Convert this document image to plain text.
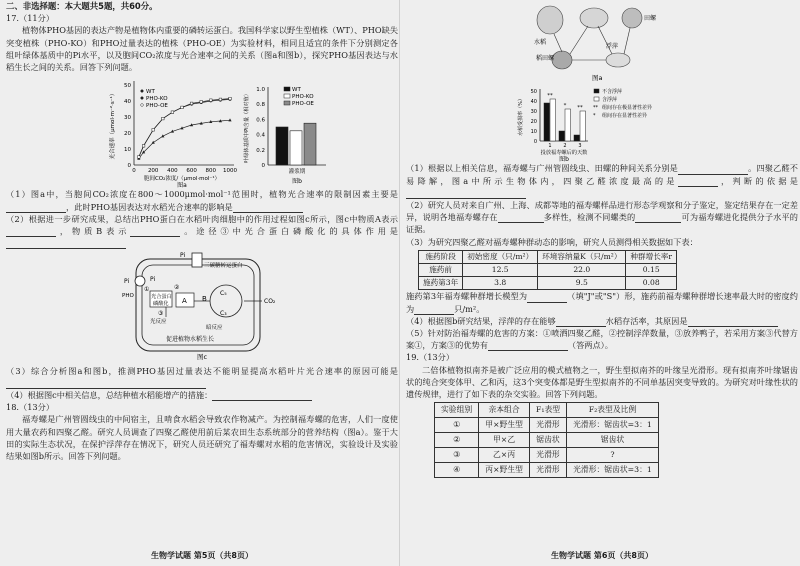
二、非选择题：本大题共5题，共60分。

17.（11分）

植物体PHO基因的表达产物是植物体内重要的磷转运蛋白。我国科学家以野生型植株（WT）、PHO缺失突变植株（PHO-KO）和PHO过量表达的植株（PHO-OE）为实验材料，相同且适宜的条件下分别测定各组叶绿体基质中的Pi水平，以及胞间CO₂浓度与光合速率之间的关系（图a和图b），探究PHO基因表达与水稻生长之间的关系。回答下列问题。

50
40
30
20
10
0
0 200 400 600 800 1000
胞间CO₂浓度/（μmol·mol⁻¹）
光合速率（μmol·m⁻²·s⁻¹）	WT
PHO-KO
PHO-OE
图a
1.0
0.8
0.6
0.4
0.2
0
灌浆期
叶绿体基质中Pi含量（相对值）
WT
PHO-KO
PHO-OE
图b

（1）图a中，当胞间CO₂浓度在800～1000μmol·mol⁻¹范围时，植物光合速率的限制因素主要是，此时PHO基因表达对水稻光合速率的影响是

（2）根据进一步研究成果，总结出PHO蛋白在水稻叶肉细胞中的作用过程如图c所示，图c中物质A表示，物质B表示	。途径③中光合蛋白磷酸化的具体作用是

Pi
三碳糖转运蛋白
Pi
PHO
Pi
光合蛋白
磷酸化 A
C₅
C₃
B	CO₂
光反应
暗反应
促进植物水稻生长
①	②
③
图c

（3）综合分析图a和图b，推测PHO基因过量表达不能明显提高水稻叶片光合速率的原因可能是

（4）根据图c中相关信息，总结种植水稻能增产的措施：

18.（13分）

福寿螺是广州管圆线虫的中间宿主，且啃食水稻会导致农作物减产。为控制福寿螺的危害，人们一度使用大量农药和四聚乙醛。研究人员调查了四聚乙醛使用前后某农田生态系统部分的营养结构（图a）。鉴于大田的实际生态状况，在保护浮萍存在情况下，研究人员还研究了福寿螺对水稻的危害情况，实验设计及实验结果如图b所示。回答下列问题。

生物学试题 第5页（共8页）
水稻
田螺
稻田螺
浮萍
图a

50
40
30
20
10
0
1
**
2
*
3
**
投放福寿螺后的天数
水稻受损率（%）
不含浮萍
含浮萍
** 组间存在极显著性差异
* 组间存在显著性差异
图b

（1）根据以上相关信息，福寿螺与广州管圆线虫、田螺的种间关系分别是	。四聚乙醛不易降解，图a中所示生物体内，四聚乙醛浓度最高的是	，判断的依据是

（2）研究人员对来自广州、上海、成都等地的福寿螺样品进行形态学观察和分子鉴定，鉴定结果存在一定差异，说明各地福寿螺存在	多样性，检测不同螺类的	可为福寿螺进化提供分子水平的证据。

（3）为研究四聚乙醛对福寿螺种群动态的影响，研究人员测得相关数据如下表：

施药阶段	初始密度（只/m²）	环境容纳量K（只/m²）	种群增长率r
施药前	12.5	22.0	0.15
施药第3年	3.8	9.5	0.08

施药第3年福寿螺种群增长模型为	（填"J"或"S"）形，施药前福寿螺种群增长速率最大时的密度约为	只/m²。

（4）根据图b研究结果，浮萍的存在能够	水稻存活率，其原因是

（5）针对防治福寿螺的危害的方案：①喷洒四聚乙醛，②控制浮萍数量，③放养鸭子，若采用方案③代替方案①，方案③的优势有	（答两点）。

19.（13分）

二倍体植物拟南芥是被广泛应用的模式植物之一，野生型拟南芥的叶缘呈光滑形。现有拟南芥叶缘锯齿状的纯合突变体甲、乙和丙，这3个突变体都是野生型拟南芥的不同单基因突变导致的。为研究对叶缘性状的遗传规律，进行了如下表的杂交实验。回答下列问题。

实验组别	亲本组合	F₁表型	F₂表型及比例
①	甲×野生型	光滑形	光滑形：锯齿状=3：1
②	甲×乙	锯齿状	锯齿状
③	乙×丙	光滑形	?
④	丙×野生型	光滑形	光滑形：锯齿状=3：1
生物学试题 第6页（共8页）
